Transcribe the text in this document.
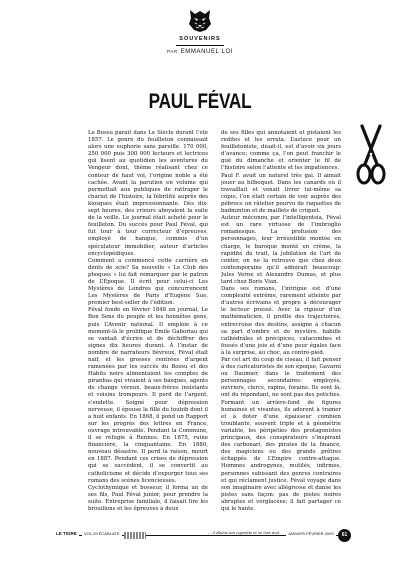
SOUVENIRS
PAR EMMANUEL LOI
PAUL FÉVAL

Le Bossu paraît dans Le Siècle durant l’été 1857. Le genre du feuilleton connaissait alors une euphorie sans pareille. 170 000, 250 000 puis 300 000 lecteurs et lectrices qui lisent au quotidien les aventures du Vengeur dont, thème réalisant chez ce conteur de haut vol, l’origine noble a été cachée. Avant la parution en volume qui permettait aux publiques de rattraper le chariot de l’histoire, la fébrilité auprès des kiosques était impressionnante. Dès dix-sept heures, des crieurs aboyaient la suite de la veille. Le journal était acheté pour le feuilleton. Du succès pour Paul Féval, qui fut tour à tour correcteur d’épreuves, employé de banque, commis d’un spéculateur immobilier, auteur d’articles encyclopédiques.

Comment a commencé cette carrière en dents de scie? Sa nouvelle « Le Club des phoques » lui fait remarquer par le patron de L’Époque. Il écrit pour celui-ci Les Mystères de Londres qui concurrencent Les Mystères de Paris d’Eugène Sue, premier best-seller de l’édition.

Féval fonde en février 1848 un journal, Le Bon Sens du peuple et les honnêtes gens, puis L’Avenir national. Il emploie à ce moment-là le prolifique Émile Gaboriau qui se vantait d’écrire et de déchiffrer des signes dix heures durant. À l’instar de nombre de narrateurs fiévreux, Féval était naïf, et les grosses rentrées d’argent ramenées par les succès du Bossu et des Habits noirs alimentaient les comptes de piranhas qui vivaient à ses basques, agents de change véreux, beaux-frères insistants et voisins trompeurs. Il perd de l’argent, s’endette. Soigné pour dépression nerveuse, il épouse la fille du toubib dont il a huit enfants. En 1868, il pond un Rapport sur les progrès des lettres en France, ouvrage introuvable. Pendant la Commune, il se réfugie à Rennes. En 1875, ruine financière, la cinquantaine. En 1880, nouveau désastre. Il perd la raison, meurt en 1887. Pendant ces crises de dépression qui se succèdent, il se convertit au catholicisme et décide d’expurger tous ses romans des scènes licencieuses.

Cyclothymique et bosseur, il forma un de ses fils, Paul Féval junior, pour prendre la suite. Entreprise familiale, il faisait lire les brouillons et les épreuves à deux

de ses filles qui annotaient et pistaient les redites et les errata. L’astuce pour un feuilletoniste, disait-il, est d’avoir six jours d’avance; comme ça, l’on peut franchir le gué du dimanche et orienter le fil de l’histoire selon l’attente et les impatiences.

Paul F. avait un naturel très gai. Il aimait jouer au bilboquet. Dans les canards où il travaillait et venait livrer lui-même sa copie, l’on était certain de voir auprès des pébrocs un râtelier pourvu de raquettes de badminton et de maillets de criquet.

Auteur méconnu par l’intelligentsia, Féval est un rare virtuose de l’imbroglio romanesque. La profusion des personnages, leur irrésistible montée en charge, le baroque monté en crème, la rapidité du trait, la jubilation de l’art de conter, on ne la retrouve que chez deux contemporains qu’il admirait beaucoup: Jules Verne et Alexandre Dumas, et plus tard chez Boris Vian.

Dans ses romans, l’intrigue est d’une complexité extrême, rarement atteinte par d’autres écrivains et propre à décourager le lecteur pressé. Avec la rigueur d’un mathématicien, il profile des trajectoires, entrecroise des destins, assigne à chacun sa part d’ombre et de mystère, habille cathédrales et précipices, catacombes et fossés d’une joie et d’une peur égales face à la surprise, au choc, au contre-pied.

Par cet art du coup de ciseau, il fait penser à des caricaturistes de son époque, Gavarni ou Daumier, dans le traitement des personnages secondaires: employés, ouvriers, clercs, rapins, forains. Ils sont là, ont du répondant, ne sont pas des potiches. Formant un arrière-fond de figures humaines et vivantes, ils adorent à tramer et à doter d’une épaisseur combien troublante, souvent triple et à géométrie variable, les péripéties des protagonistes principaux, des conspirateurs s’inspirant des carbonari, des pirates de la finance, des magiciens ou des grands prêtres échappés de L’Empire contre-attaque. Hommes androgynes, mutilés, infirmes, personnes subissant des genres contraires et qui réclament justice. Féval voyage dans son imaginaire avec allégresse et danse les pistes sans façon: pas de pistes noires abruptes et verglacées; il fait partager ce qui le hante.

LE TIGRE	VOL.29 ÉCARLATE	... il allume son cigarette et ne tout seul.	JANVIER-FÉVRIER 2009	61
